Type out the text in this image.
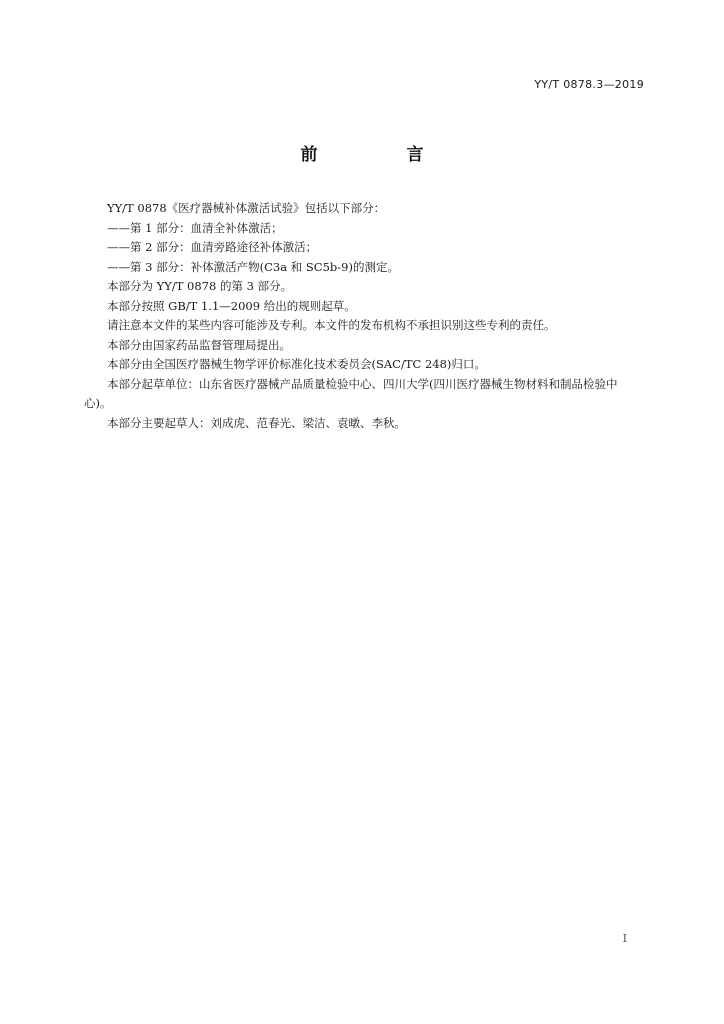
YY/T 0878.3—2019
前　言

YY/T 0878《医疗器械补体激活试验》包括以下部分：

——第 1 部分：血清全补体激活；

——第 2 部分：血清旁路途径补体激活；

——第 3 部分：补体激活产物(C3a 和 SC5b-9)的测定。

本部分为 YY/T 0878 的第 3 部分。

本部分按照 GB/T 1.1—2009 给出的规则起草。

请注意本文件的某些内容可能涉及专利。本文件的发布机构不承担识别这些专利的责任。

本部分由国家药品监督管理局提出。

本部分由全国医疗器械生物学评价标准化技术委员会(SAC/TC 248)归口。

本部分起草单位：山东省医疗器械产品质量检验中心、四川大学(四川医疗器械生物材料和制品检验中心)。

本部分主要起草人：刘成虎、范春光、梁洁、袁暾、李秋。

I
